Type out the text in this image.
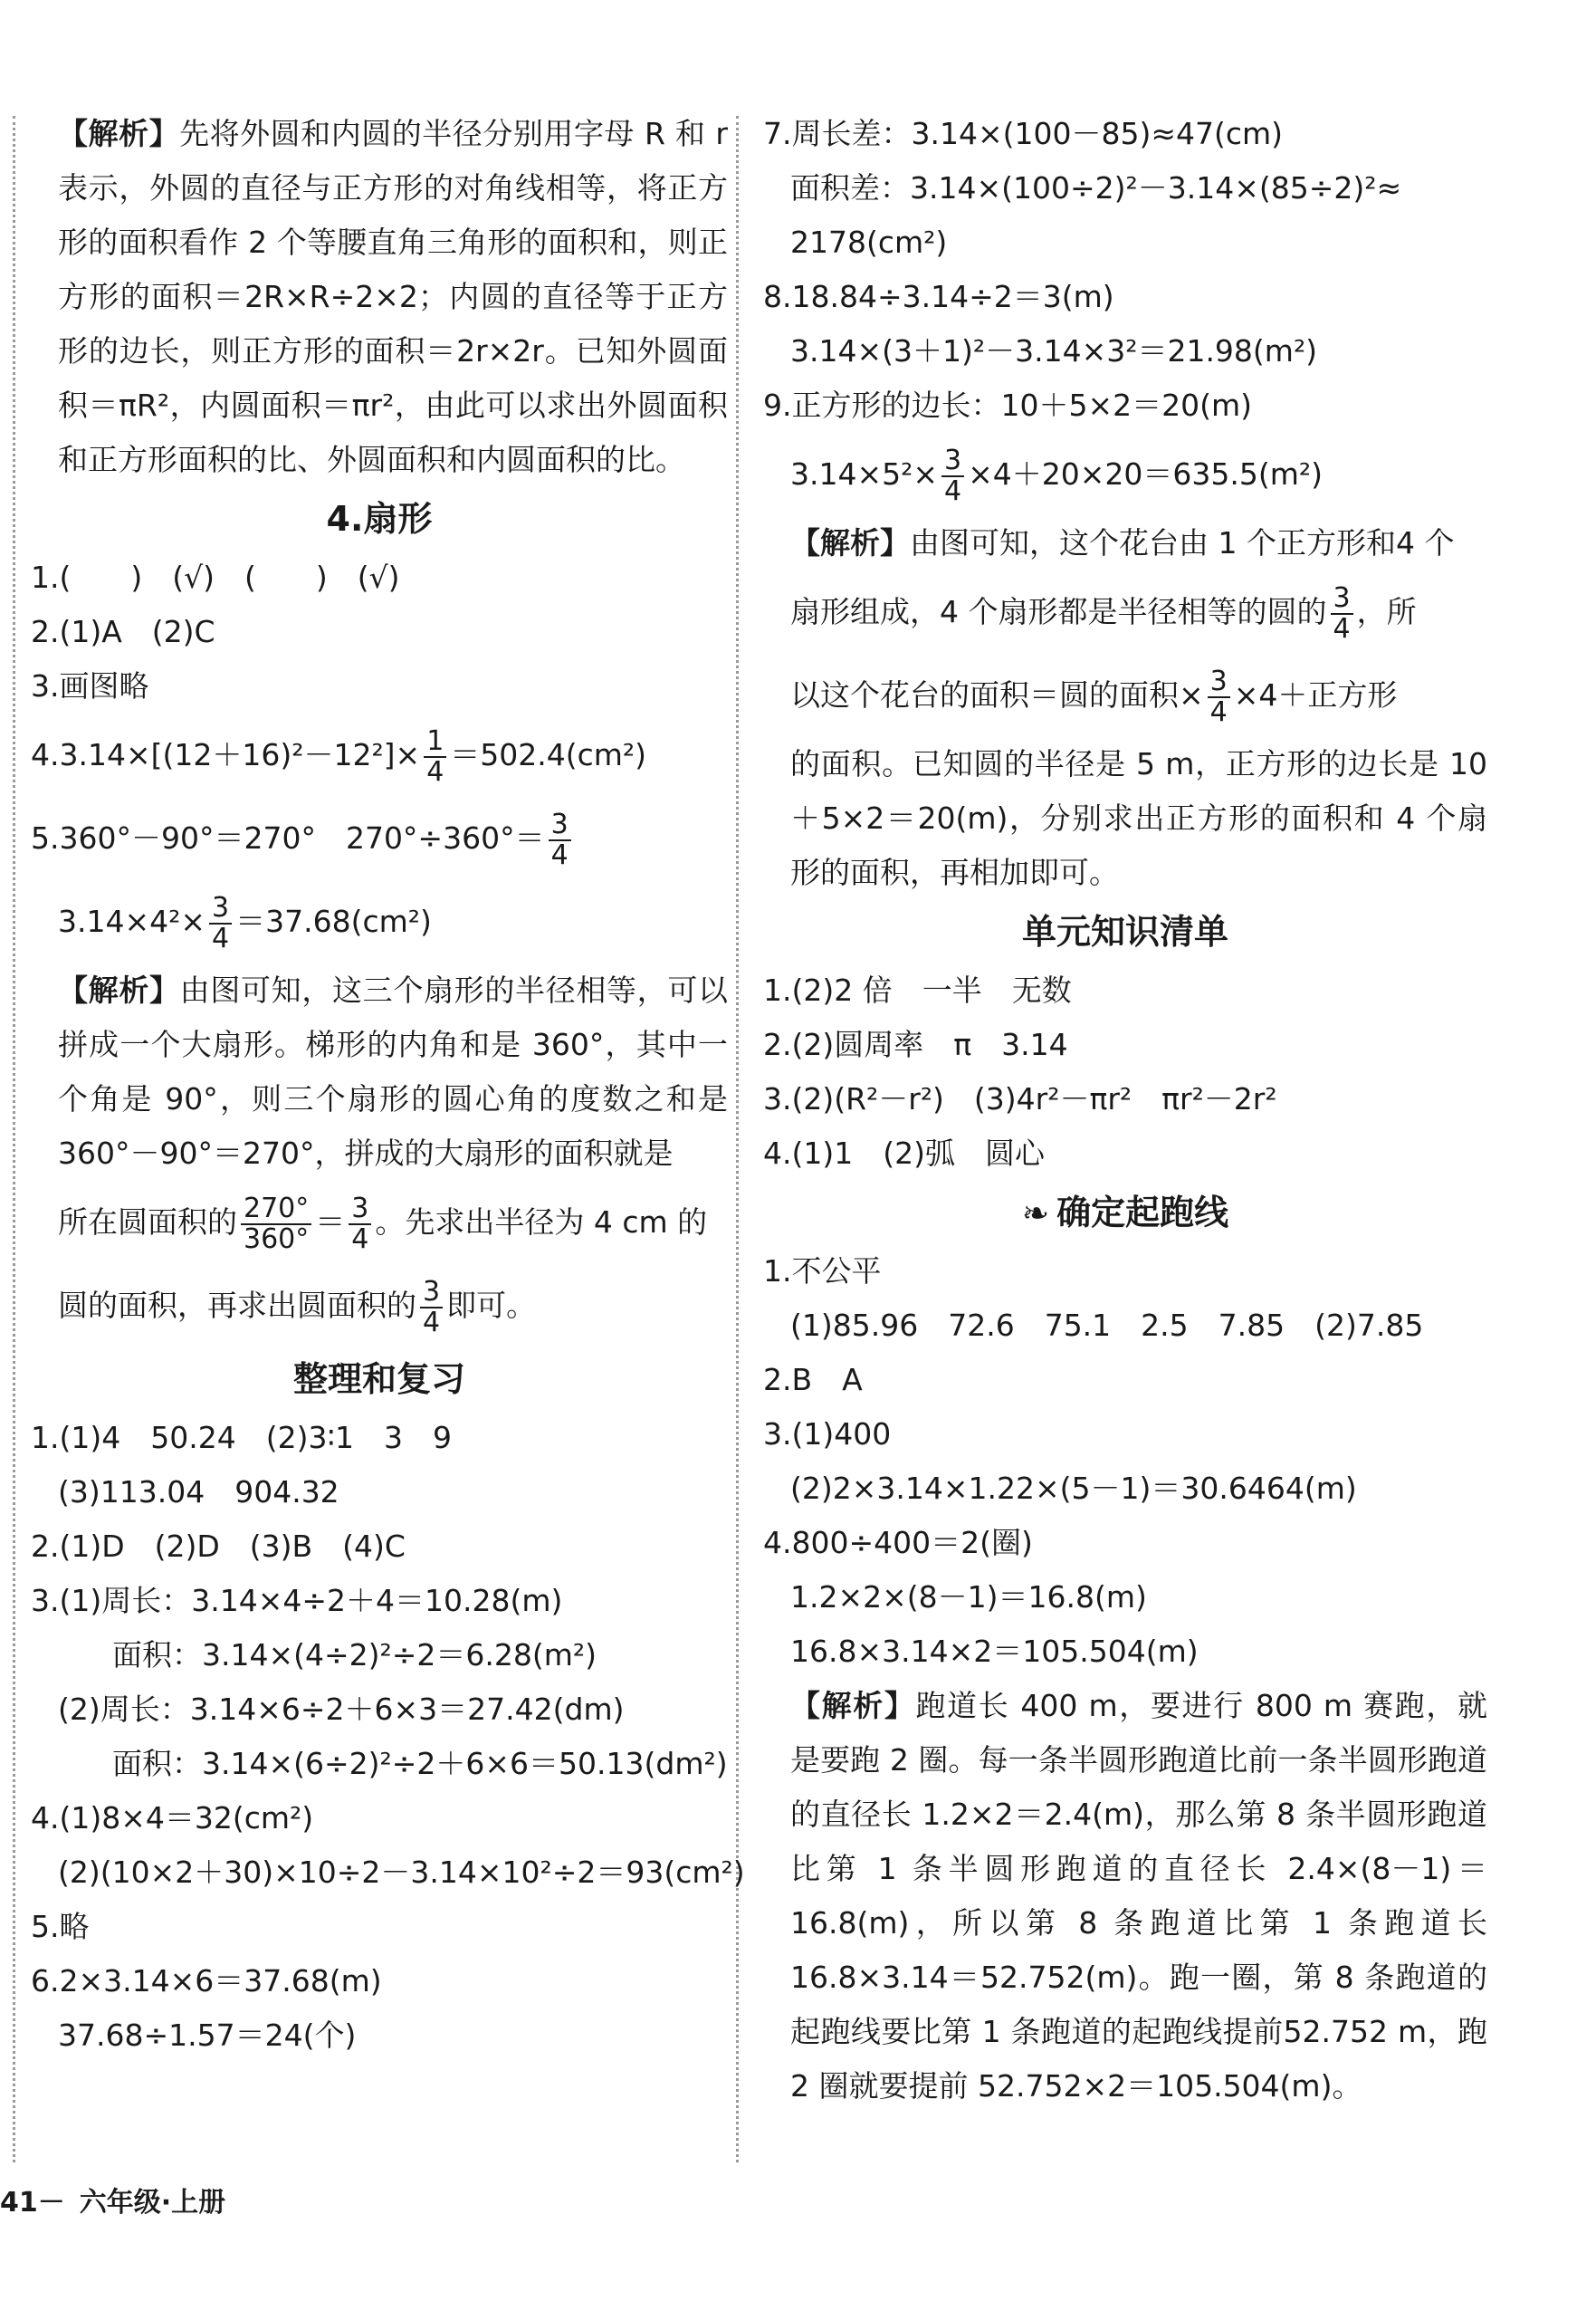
【解析】先将外圆和内圆的半径分别用字母 R 和 r 表示，外圆的直径与正方形的对角线相等，将正方形的面积看作 2 个等腰直角三角形的面积和，则正方形的面积＝2R×R÷2×2；内圆的直径等于正方形的边长，则正方形的面积＝2r×2r。已知外圆面积＝πR²，内圆面积＝πr²，由此可以求出外圆面积和正方形面积的比、外圆面积和内圆面积的比。
4.扇形
1.(　　)　(√)　(　　)　(√)
2.(1)A　(2)C
3.画图略
$4.3.14\times[(12+16)^2-12^2]\times \frac{1}{4} =502.4(cm^2)$
5.360°－90°＝270°　$270^\circ\div 360^\circ= \frac{3}{4}$
$3.14\times 4^2\times \frac{3}{4} =37.68(cm^2)$
【解析】由图可知，这三个扇形的半径相等，可以拼成一个大扇形。梯形的内角和是 360°，其中一个角是 90°，则三个扇形的圆心角的度数之和是 360°－90°＝270°，拼成的大扇形的面积就是
所在圆面积的 $\frac{270^\circ}{360^\circ} = \frac{3}{4}$ 。先求出半径为 4 cm 的
圆的面积，再求出圆面积的 $\frac{3}{4}$ 即可。
整理和复习
1.(1)4　50.24　(2)3∶1　3　9
(3)113.04　904.32
2.(1)D　(2)D　(3)B　(4)C
3.(1)周长：3.14×4÷2＋4＝10.28(m)
面积：3.14×(4÷2)²÷2＝6.28(m²)
(2)周长：3.14×6÷2＋6×3＝27.42(dm)
面积：3.14×(6÷2)²÷2＋6×6＝50.13(dm²)
4.(1)8×4＝32(cm²)
(2)(10×2＋30)×10÷2－3.14×10²÷2＝93(cm²)
5.略
6.2×3.14×6＝37.68(m)
37.68÷1.57＝24(个)
7.周长差：3.14×(100－85)≈47(cm)
面积差：3.14×(100÷2)²－3.14×(85÷2)²≈
2178(cm²)
8.18.84÷3.14÷2＝3(m)
3.14×(3＋1)²－3.14×3²＝21.98(m²)
9.正方形的边长：10＋5×2＝20(m)
$3.14\times 5^2\times \frac{3}{4} \times 4+20\times 20=635.5(m^2)$
【解析】由图可知，这个花台由 1 个正方形和4 个
扇形组成，4 个扇形都是半径相等的圆的 $\frac{3}{4}$ ，所
以这个花台的面积＝圆的面积× $\frac{3}{4} \times 4+$正方形
的面积。已知圆的半径是 5 m，正方形的边长是 10＋5×2＝20(m)，分别求出正方形的面积和 4 个扇形的面积，再相加即可。
单元知识清单
1.(2)2 倍　一半　无数
2.(2)圆周率　π　3.14
3.(2)(R²－r²)　(3)4r²－πr²　πr²－2r²
4.(1)1　(2)弧　圆心
❧ 确定起跑线
1.不公平
(1)85.96　72.6　75.1　2.5　7.85　(2)7.85
2.B　A
3.(1)400
(2)2×3.14×1.22×(5－1)＝30.6464(m)
4.800÷400＝2(圈)
1.2×2×(8－1)＝16.8(m)
16.8×3.14×2＝105.504(m)
【解析】跑道长 400 m，要进行 800 m 赛跑，就是要跑 2 圈。每一条半圆形跑道比前一条半圆形跑道的直径长 1.2×2＝2.4(m)，那么第 8 条半圆形跑道比第 1 条半圆形跑道的直径长 2.4×(8－1)＝16.8(m)，所以第 8 条跑道比第 1 条跑道长 16.8×3.14＝52.752(m)。跑一圈，第 8 条跑道的起跑线要比第 1 条跑道的起跑线提前52.752 m，跑 2 圈就要提前 52.752×2＝105.504(m)。
41－ 六年级·上册
